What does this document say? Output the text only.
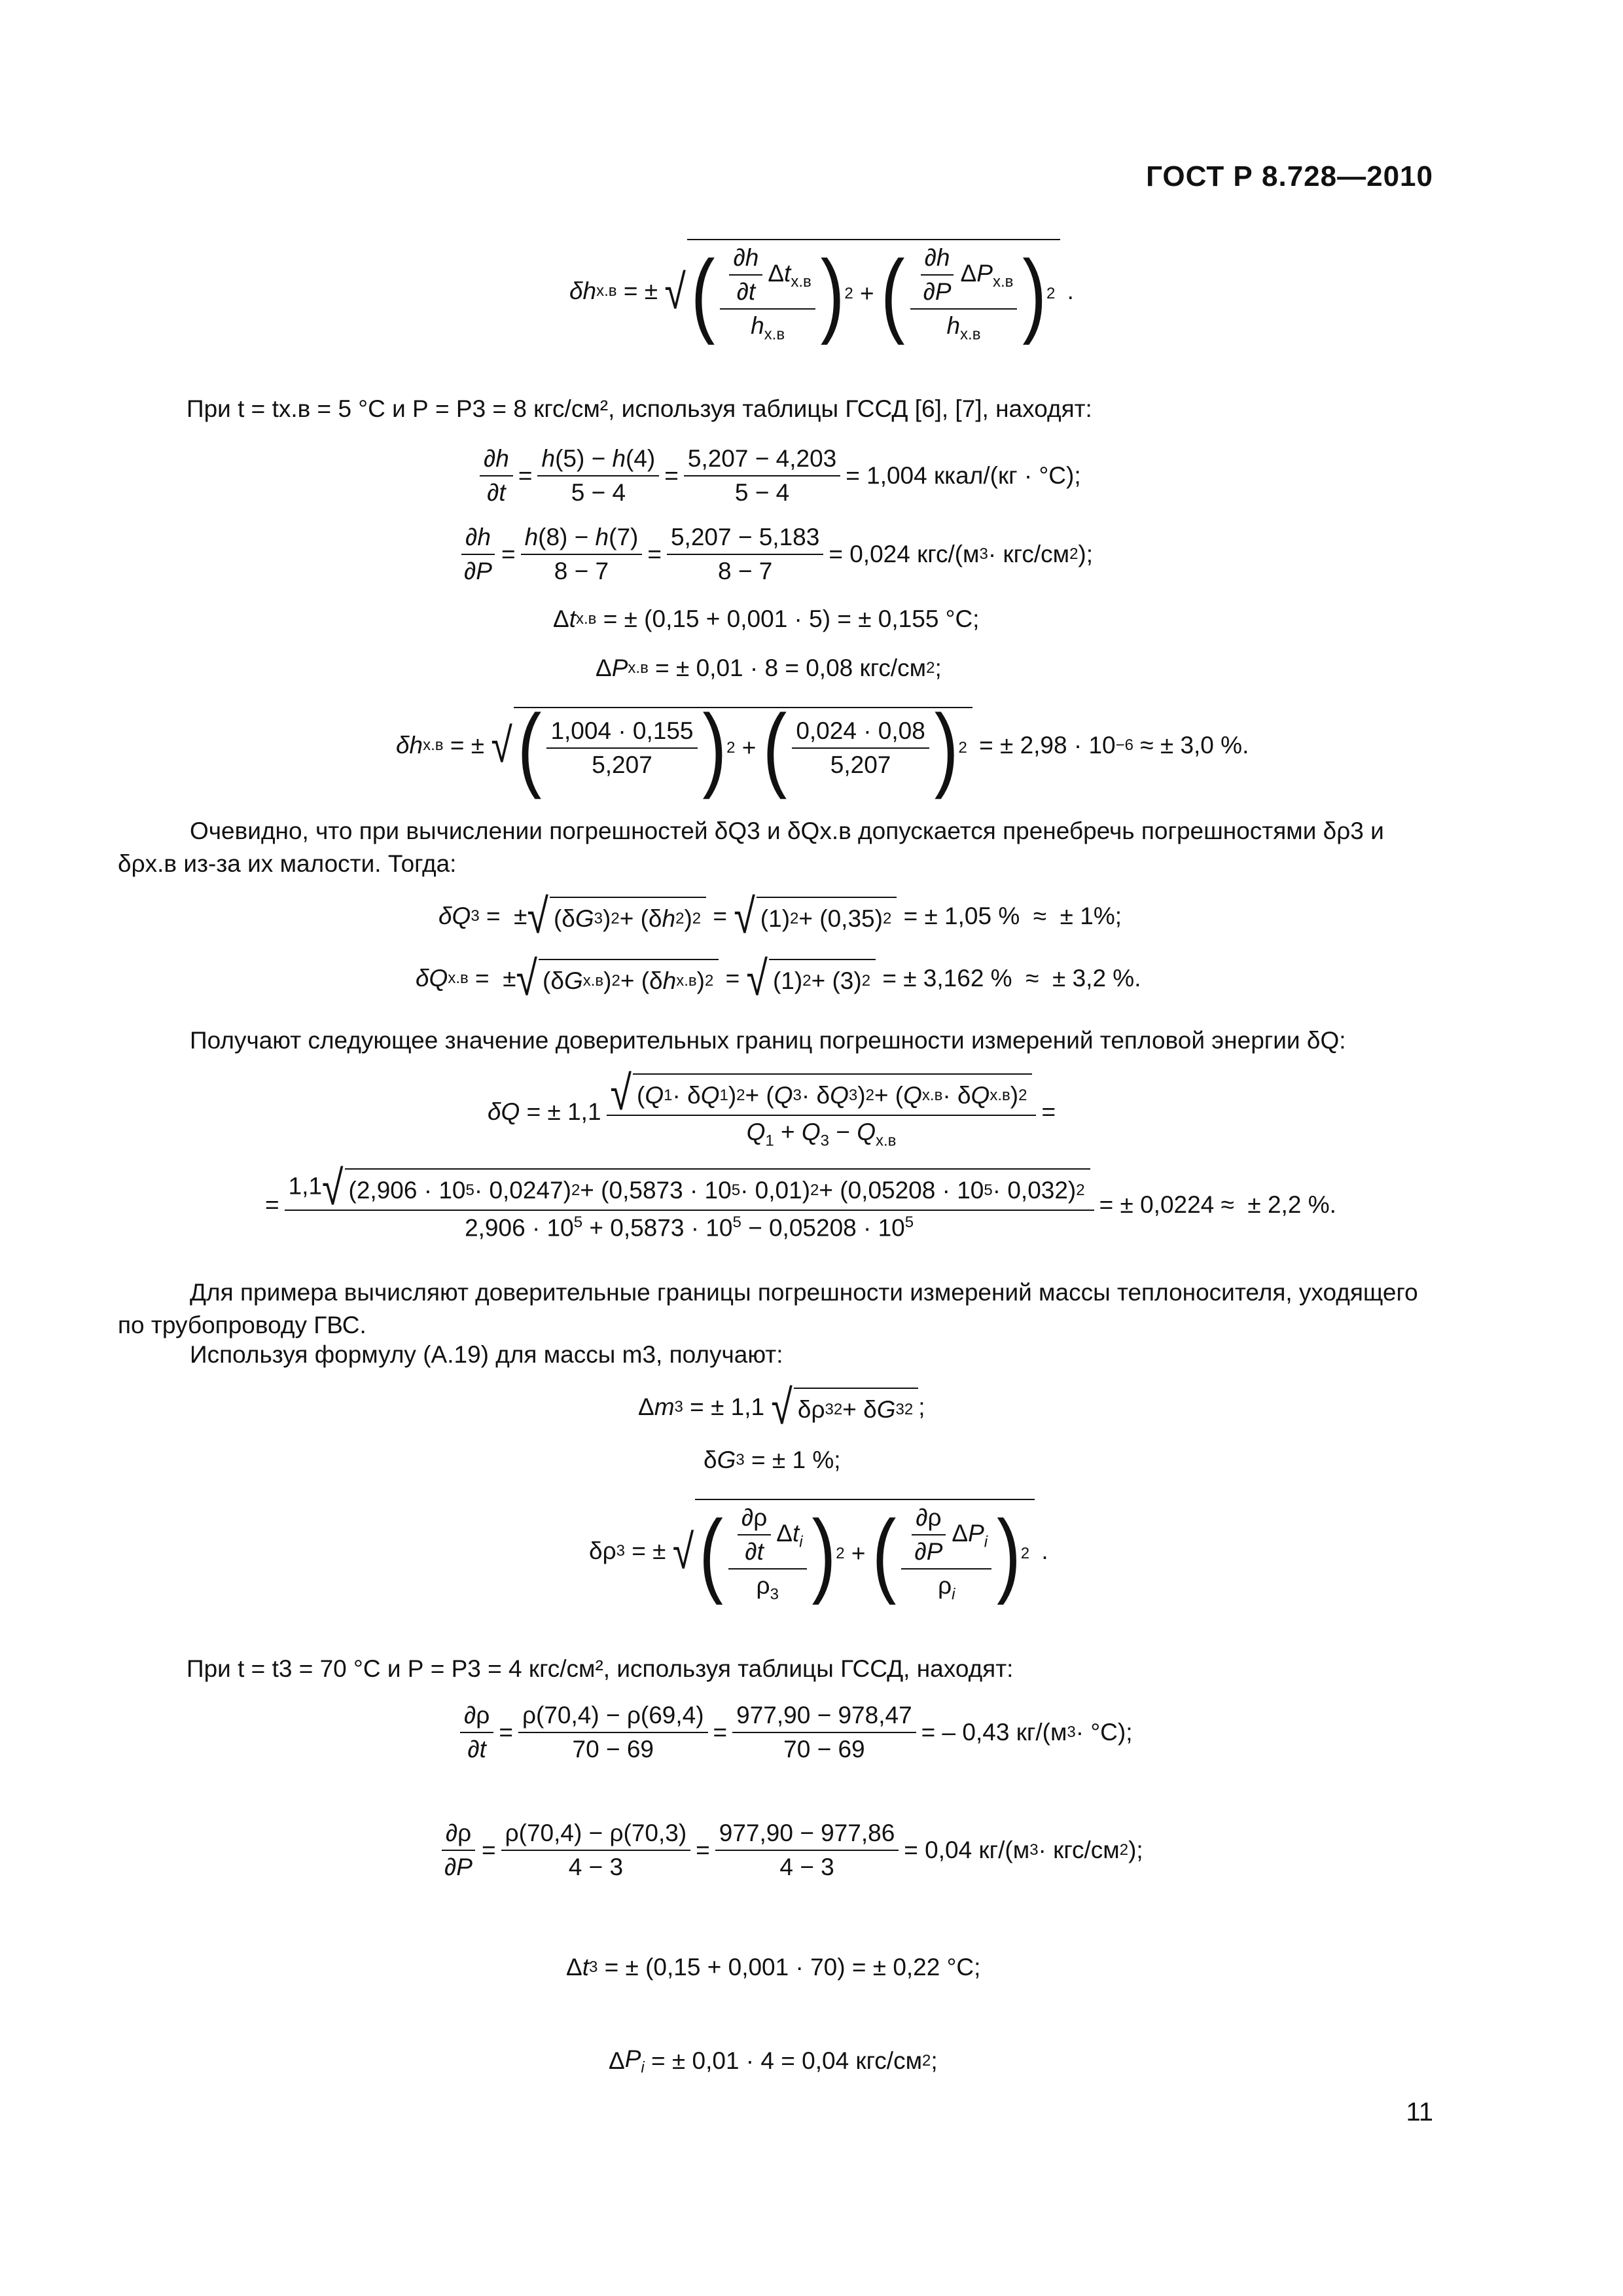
ГОСТ Р 8.728—2010
δh х.в = ± √ ( $\frac{\frac{\partial h}{\partial t} \Delta t_{х.в}}{h_{х.в}}$ ) 2 + ( $\frac{\frac{\partial h}{\partial P} \Delta P_{х.в}}{h_{х.в}}$ ) 2 .
При t = tх.в = 5 °С и Р = Р3 = 8 кгс/см², используя таблицы ГССД [6], [7], находят:
$\frac{\partial h}{\partial t} = \frac{h(5) - h(4)}{5 - 4} = \frac{5,207 - 4,203}{5 - 4} = 1,004$ ккал/(кг · °С);
$\frac{\partial h}{\partial P} = \frac{h(8) - h(7)}{8 - 7} = \frac{5,207 - 5,183}{8 - 7} = 0,024$ кгс/(м 3 · кгс/см 2 );
Δ t х.в = ± (0,15 + 0,001 · 5) = ± 0,155 °С;
Δ P х.в = ± 0,01 · 8 = 0,08 кгс/см 2 ;
δh х.в = ± √ ( $\frac{1,004 \cdot 0,155}{5,207}$ ) 2 + ( $\frac{0,024 \cdot 0,08}{5,207}$ ) 2 = ± 2,98 · 10 −6 ≈ ± 3,0 %.
Очевидно, что при вычислении погрешностей δQ3 и δQх.в допускается пренебречь погрешностями δρ3 и δρх.в из-за их малости. Тогда:
δQ 3 =  ± √ (δ G 3 ) 2 + (δ h 2 ) 2 = √ (1) 2 + (0,35) 2 = ± 1,05 %  ≈  ± 1%;
δQ х.в =  ± √ (δ G х.в ) 2 + (δ h х.в ) 2 = √ (1) 2 + (3) 2 = ± 3,162 %  ≈  ± 3,2 %.
Получают следующее значение доверительных границ погрешности измерений тепловой энергии δQ:
δQ = ± $1,1 \frac{\text{√ ( Q 1 · δ Q 1 ) 2 + ( Q 3 · δ Q 3 ) 2 + ( Q х.в · δ Q х.в ) 2}}{Q_1 + Q_3 - Q_{х.в}}$ =
=
1,1 √ (2,906 · 10 5 · 0,0247) 2 + (0,5873 · 10 5 · 0,01) 2 + (0,05208 · 10 5 · 0,032) 2
$2,906 \cdot 10^5 + 0,5873 \cdot 10^5 - 0,05208 \cdot 10^5$
= ± 0,0224 ≈  ± 2,2 %.
Для примера вычисляют доверительные границы погрешности измерений массы теплоносителя, уходящего по трубопроводу ГВС.
Используя формулу (А.19) для массы m3, получают:
Δ m 3 = ± 1,1 √ δρ 3 2 + δ G 3 2 ;
δ G 3 = ± 1 %;
δρ 3 = ± √ ( $\frac{\frac{\partial\rho}{\partial t} \Delta t_i}{\rho_3}$ ) 2 + ( $\frac{\frac{\partial\rho}{\partial P} \Delta P_i}{\rho_i}$ ) 2 .
При t = t3 = 70 °С и Р = Р3 = 4 кгс/см², используя таблицы ГССД, находят:
$\frac{\partial\rho}{\partial t} = \frac{\rho(70,4) - \rho(69,4)}{70 - 69} = \frac{977,90 - 978,47}{70 - 69}$ = – 0,43 кг/(м 3 · °С);
$\frac{\partial\rho}{\partial P} = \frac{\rho(70,4) - \rho(70,3)}{4 - 3} = \frac{977,90 - 977,86}{4 - 3} = 0,04$ кг/(м 3 · кгс/см 2 );
Δ t 3 = ± (0,15 + 0,001 · 70) = ± 0,22 °С;
Δ $P_i$ = ± 0,01 · 4 = 0,04 кгс/см 2 ;
11
